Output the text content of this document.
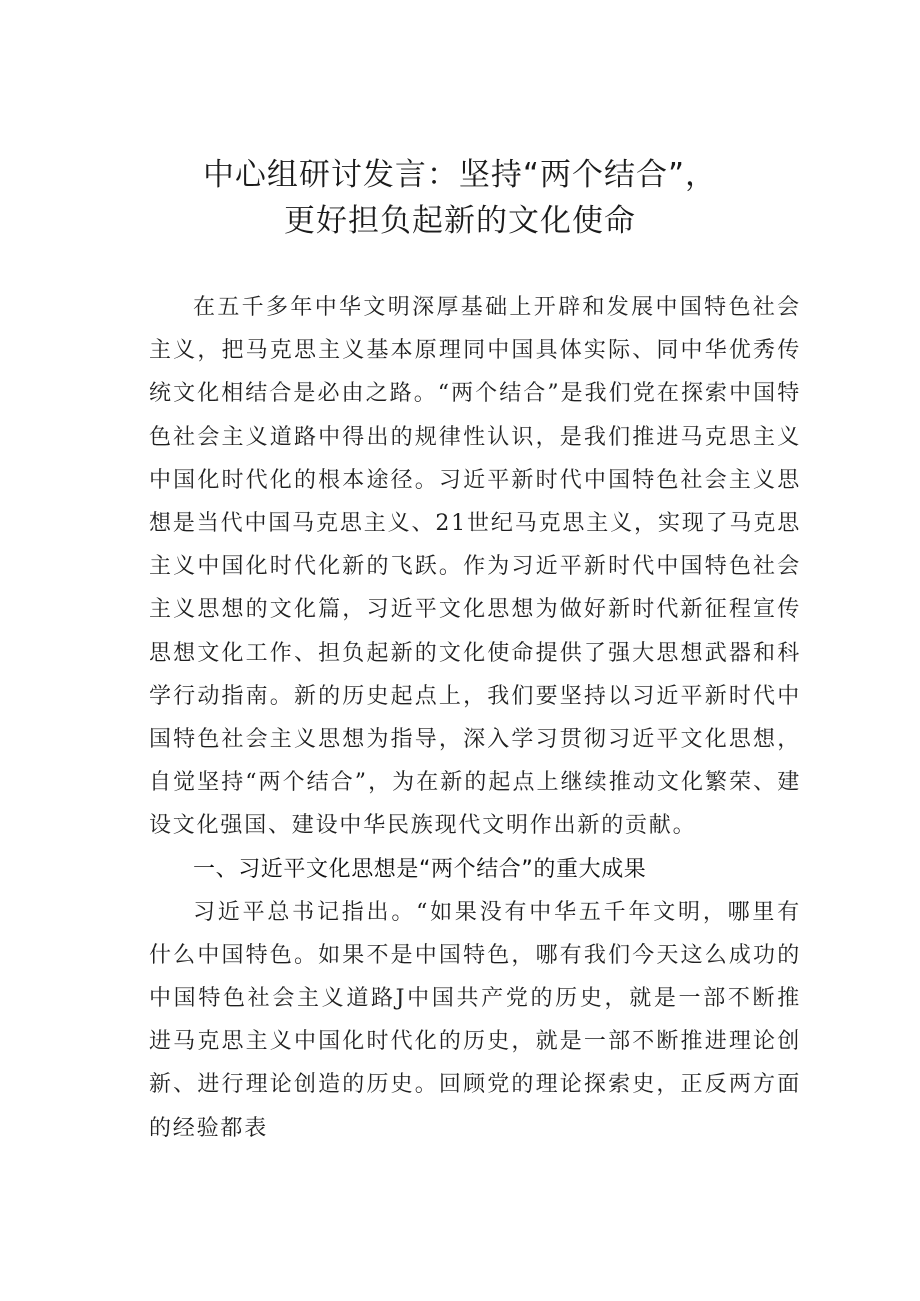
中心组研讨发言：坚持“两个结合”，
更好担负起新的文化使命

在五千多年中华文明深厚基础上开辟和发展中国特色社会主义，把马克思主义基本原理同中国具体实际、同中华优秀传统文化相结合是必由之路。“两个结合”是我们党在探索中国特色社会主义道路中得出的规律性认识，是我们推进马克思主义中国化时代化的根本途径。习近平新时代中国特色社会主义思想是当代中国马克思主义、21世纪马克思主义，实现了马克思主义中国化时代化新的飞跃。作为习近平新时代中国特色社会主义思想的文化篇，习近平文化思想为做好新时代新征程宣传思想文化工作、担负起新的文化使命提供了强大思想武器和科学行动指南。新的历史起点上，我们要坚持以习近平新时代中国特色社会主义思想为指导，深入学习贯彻习近平文化思想，自觉坚持“两个结合”，为在新的起点上继续推动文化繁荣、建设文化强国、建设中华民族现代文明作出新的贡献。

一、习近平文化思想是“两个结合”的重大成果

习近平总书记指出。“如果没有中华五千年文明，哪里有什么中国特色。如果不是中国特色，哪有我们今天这么成功的中国特色社会主义道路J中国共产党的历史，就是一部不断推进马克思主义中国化时代化的历史，就是一部不断推进理论创新、进行理论创造的历史。回顾党的理论探索史，正反两方面的经验都表
